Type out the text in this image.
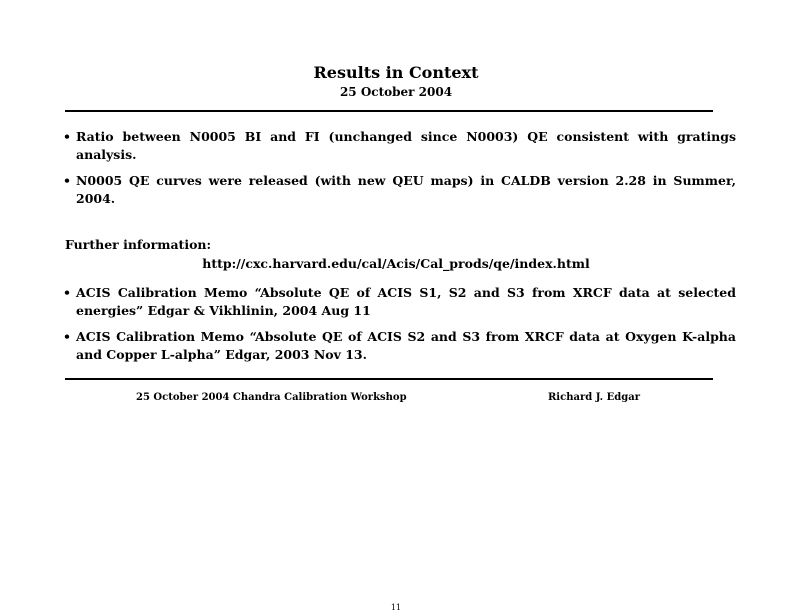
Results in Context
25 October 2004
• Ratio between N0005 BI and FI (unchanged since N0003) QE consistent with gratings analysis.
• N0005 QE curves were released (with new QEU maps) in CALDB version 2.28 in Summer, 2004.
Further information:
http://cxc.harvard.edu/cal/Acis/Cal_prods/qe/index.html
• ACIS Calibration Memo “Absolute QE of ACIS S1, S2 and S3 from XRCF data at selected energies” Edgar & Vikhlinin, 2004 Aug 11
• ACIS Calibration Memo “Absolute QE of ACIS S2 and S3 from XRCF data at Oxygen K-alpha and Copper L-alpha” Edgar, 2003 Nov 13.
25 October 2004 Chandra Calibration Workshop	Richard J. Edgar
11
